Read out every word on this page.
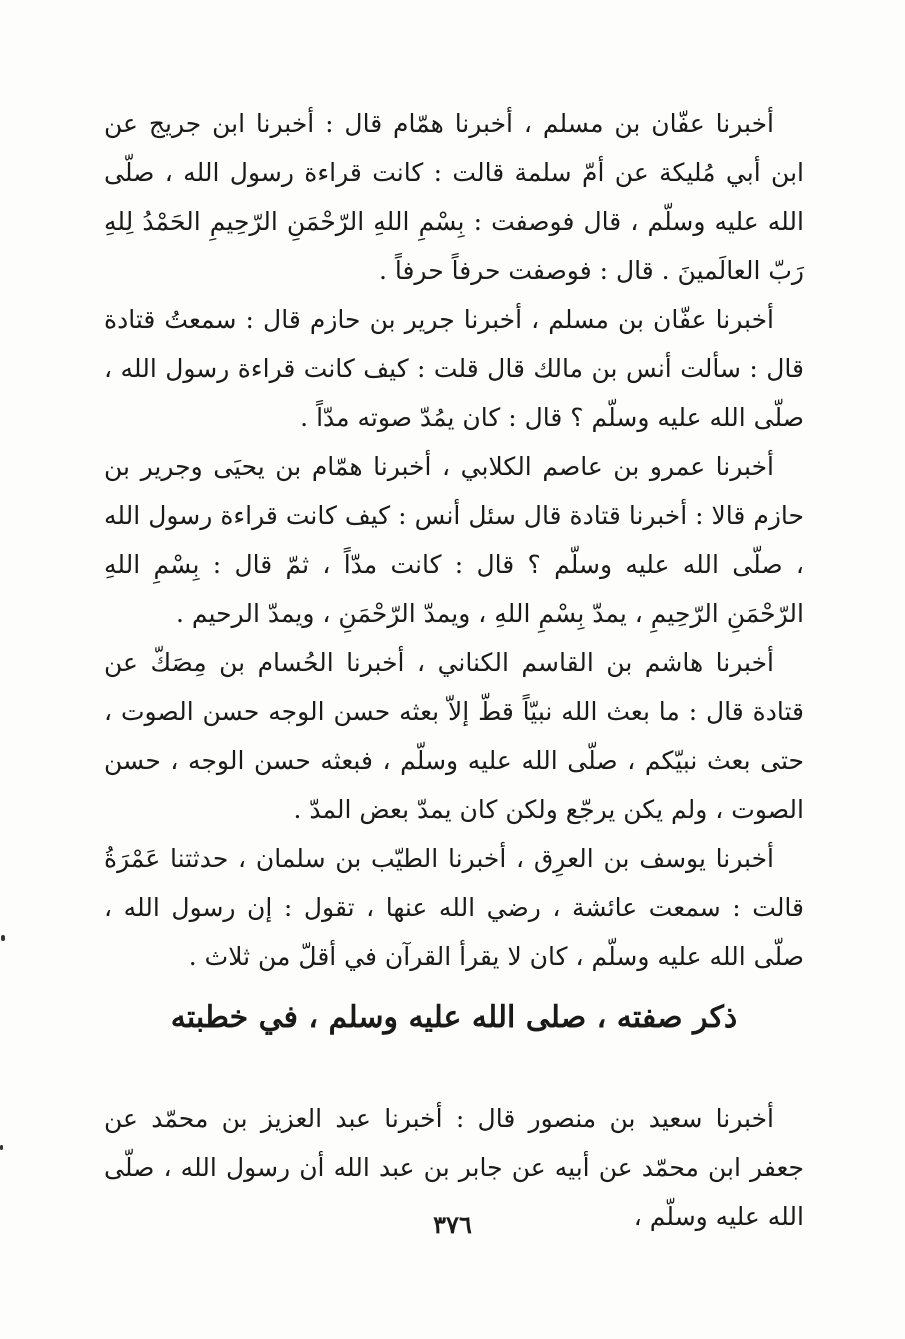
أخبرنا عفّان بن مسلم ، أخبرنا همّام قال : أخبرنا ابن جريج عن ابن أبي مُليكة عن أمّ سلمة قالت : كانت قراءة رسول الله ، صلّى الله عليه وسلّم ، قال فوصفت : بِسْمِ اللهِ الرّحْمَنِ الرّحِيمِ الحَمْدُ لِلهِ رَبّ العالَمينَ . قال : فوصفت حرفاً حرفاً .

أخبرنا عفّان بن مسلم ، أخبرنا جرير بن حازم قال : سمعتُ قتادة قال : سألت أنس بن مالك قال قلت : كيف كانت قراءة رسول الله ، صلّى الله عليه وسلّم ؟ قال : كان يمُدّ صوته مدّاً .

أخبرنا عمرو بن عاصم الكلابي ، أخبرنا همّام بن يحيَى وجرير بن حازم قالا : أخبرنا قتادة قال سئل أنس : كيف كانت قراءة رسول الله ، صلّى الله عليه وسلّم ؟ قال : كانت مدّاً ، ثمّ قال : بِسْمِ اللهِ الرّحْمَنِ الرّحِيمِ ، يمدّ بِسْمِ اللهِ ، ويمدّ الرّحْمَنِ ، ويمدّ الرحيم .

أخبرنا هاشم بن القاسم الكناني ، أخبرنا الحُسام بن مِصَكّ عن قتادة قال : ما بعث الله نبيّاً قطّ إلاّ بعثه حسن الوجه حسن الصوت ، حتى بعث نبيّكم ، صلّى الله عليه وسلّم ، فبعثه حسن الوجه ، حسن الصوت ، ولم يكن يرجّع ولكن كان يمدّ بعض المدّ .

أخبرنا يوسف بن العرِق ، أخبرنا الطيّب بن سلمان ، حدثتنا عَمْرَةُ قالت : سمعت عائشة ، رضي الله عنها ، تقول : إن رسول الله ، صلّى الله عليه وسلّم ، كان لا يقرأ القرآن في أقلّ من ثلاث .

ذكر صفته ، صلى الله عليه وسلم ، في خطبته

أخبرنا سعيد بن منصور قال : أخبرنا عبد العزيز بن محمّد عن جعفر ابن محمّد عن أبيه عن جابر بن عبد الله أن رسول الله ، صلّى الله عليه وسلّم ،

٣٧٦
